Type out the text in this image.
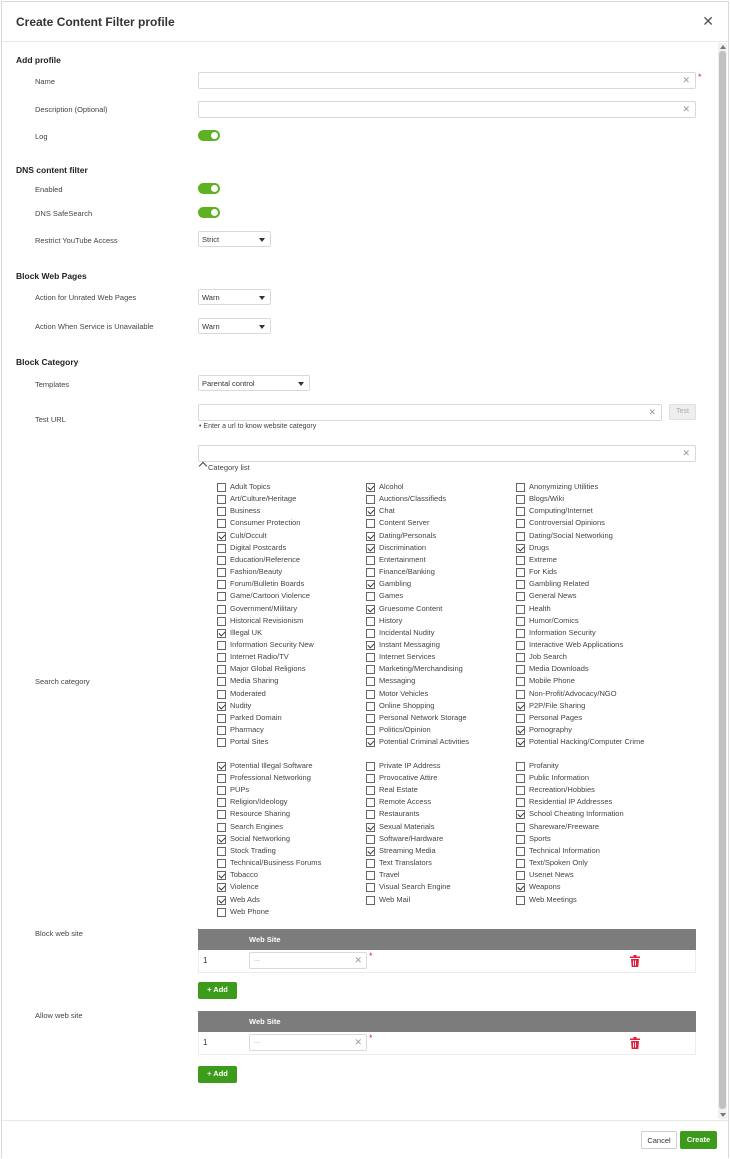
Create Content Filter profile	✕
Add profile
Name	✕ *
Description (Optional)	✕
Log
DNS content filter
Enabled
DNS SafeSearch
Restrict YouTube Access	Strict
Block Web Pages
Action for Unrated Web Pages	Warn
Action When Service is Unavailable	Warn
Block Category
Templates	Parental control
Test URL
✕	Test
• Enter a url to know website category
✕
Category list
Search category
Adult Topics
Art/Culture/Heritage
Business
Consumer Protection
Cult/Occult
Digital Postcards
Education/Reference
Fashion/Beauty
Forum/Bulletin Boards
Game/Cartoon Violence
Government/Military
Historical Revisionism
Illegal UK
Information Security New
Internet Radio/TV
Major Global Religions
Media Sharing
Moderated
Nudity
Parked Domain
Pharmacy
Portal Sites
Potential Illegal Software
Professional Networking
PUPs
Religion/Ideology
Resource Sharing
Search Engines
Social Networking
Stock Trading
Technical/Business Forums
Tobacco
Violence
Web Ads
Web Phone
Alcohol
Auctions/Classifieds
Chat
Content Server
Dating/Personals
Discrimination
Entertainment
Finance/Banking
Gambling
Games
Gruesome Content
History
Incidental Nudity
Instant Messaging
Internet Services
Marketing/Merchandising
Messaging
Motor Vehicles
Online Shopping
Personal Network Storage
Politics/Opinion
Potential Criminal Activities
Private IP Address
Provocative Attire
Real Estate
Remote Access
Restaurants
Sexual Materials
Software/Hardware
Streaming Media
Text Translators
Travel
Visual Search Engine
Web Mail
Anonymizing Utilities
Blogs/Wiki
Computing/Internet
Controversial Opinions
Dating/Social Networking
Drugs
Extreme
For Kids
Gambling Related
General News
Health
Humor/Comics
Information Security
Interactive Web Applications
Job Search
Media Downloads
Mobile Phone
Non-Profit/Advocacy/NGO
P2P/File Sharing
Personal Pages
Pornography
Potential Hacking/Computer Crime
Profanity
Public Information
Recreation/Hobbies
Residential IP Addresses
School Cheating Information
Shareware/Freeware
Sports
Technical Information
Text/Spoken Only
Usenet News
Weapons
Web Meetings
Block web site
Web Site
1	...	✕ *
+ Add
Allow web site
Web Site
1	...	✕ *
+ Add
Cancel	Create
